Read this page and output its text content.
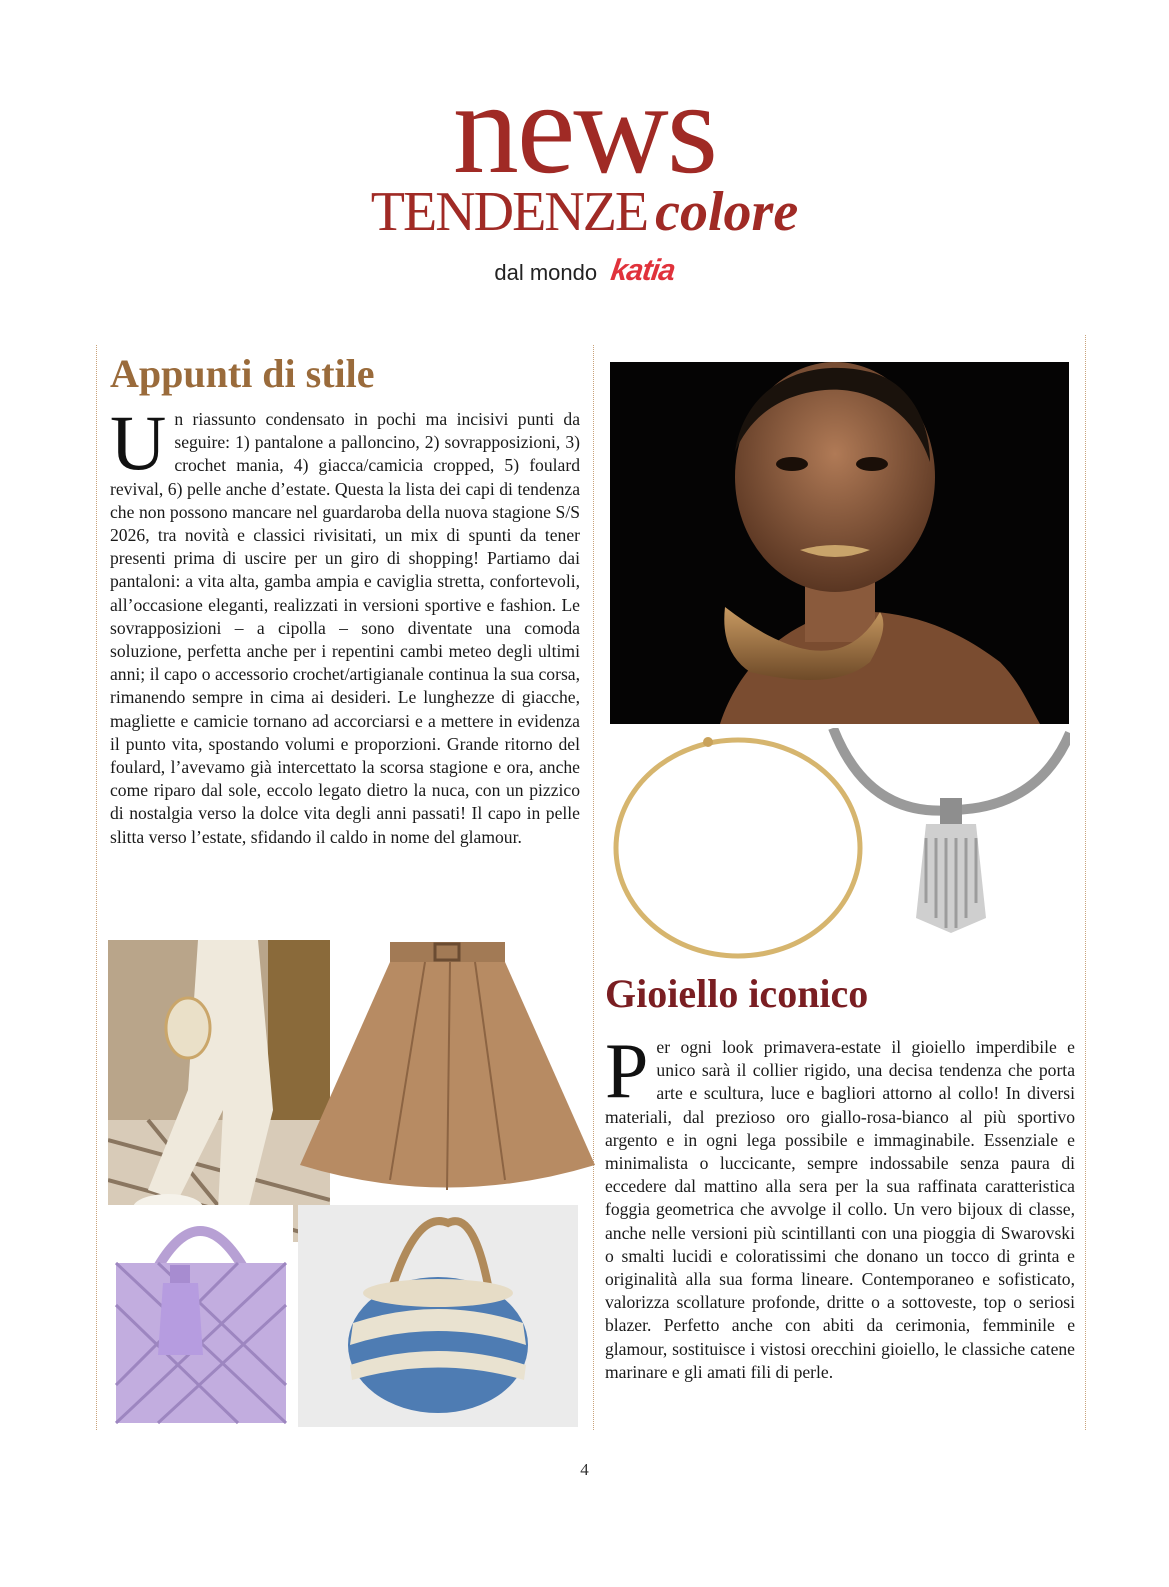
news
TENDENZE colore
dal mondo katia
Appunti di stile

Un riassunto condensato in pochi ma incisivi punti da seguire: 1) pantalone a palloncino, 2) sovrapposizioni, 3) crochet mania, 4) giacca/camicia cropped, 5) foulard revival, 6) pelle anche d’estate. Questa la lista dei capi di tendenza che non possono mancare nel guardaroba della nuova stagione S/S 2026, tra novità e classici rivisitati, un mix di spunti da tener presenti prima di uscire per un giro di shopping! Partiamo dai pantaloni: a vita alta, gamba ampia e caviglia stretta, confortevoli, all’occasione eleganti, realizzati in versioni sportive e fashion. Le sovrapposizioni – a cipolla – sono diventate una comoda soluzione, perfetta anche per i repentini cambi meteo degli ultimi anni; il capo o accessorio crochet/artigianale continua la sua corsa, rimanendo sempre in cima ai desideri. Le lunghezze di giacche, magliette e camicie tornano ad accorciarsi e a mettere in evidenza il punto vita, spostando volumi e proporzioni. Grande ritorno del foulard, l’avevamo già intercettato la scorsa stagione e ora, anche come riparo dal sole, eccolo legato dietro la nuca, con un pizzico di nostalgia verso la dolce vita degli anni passati! Il capo in pelle slitta verso l’estate, sfidando il caldo in nome del glamour.

Gioiello iconico

Per ogni look primavera-estate il gioiello imperdibile e unico sarà il collier rigido, una decisa tendenza che porta arte e scultura, luce e bagliori attorno al collo! In diversi materiali, dal prezioso oro giallo-rosa-bianco al più sportivo argento e in ogni lega possibile e immaginabile. Essenziale e minimalista o luccicante, sempre indossabile senza paura di eccedere dal mattino alla sera per la sua raffinata caratteristica foggia geometrica che avvolge il collo. Un vero bijoux di classe, anche nelle versioni più scintillanti con una pioggia di Swarovski o smalti lucidi e coloratissimi che donano un tocco di grinta e originalità alla sua forma lineare. Contemporaneo e sofisticato, valorizza scollature profonde, dritte o a sottoveste, top o seriosi blazer. Perfetto anche con abiti da cerimonia, femminile e glamour, sostituisce i vistosi orecchini gioiello, le classiche catene marinare e gli amati fili di perle.

4
